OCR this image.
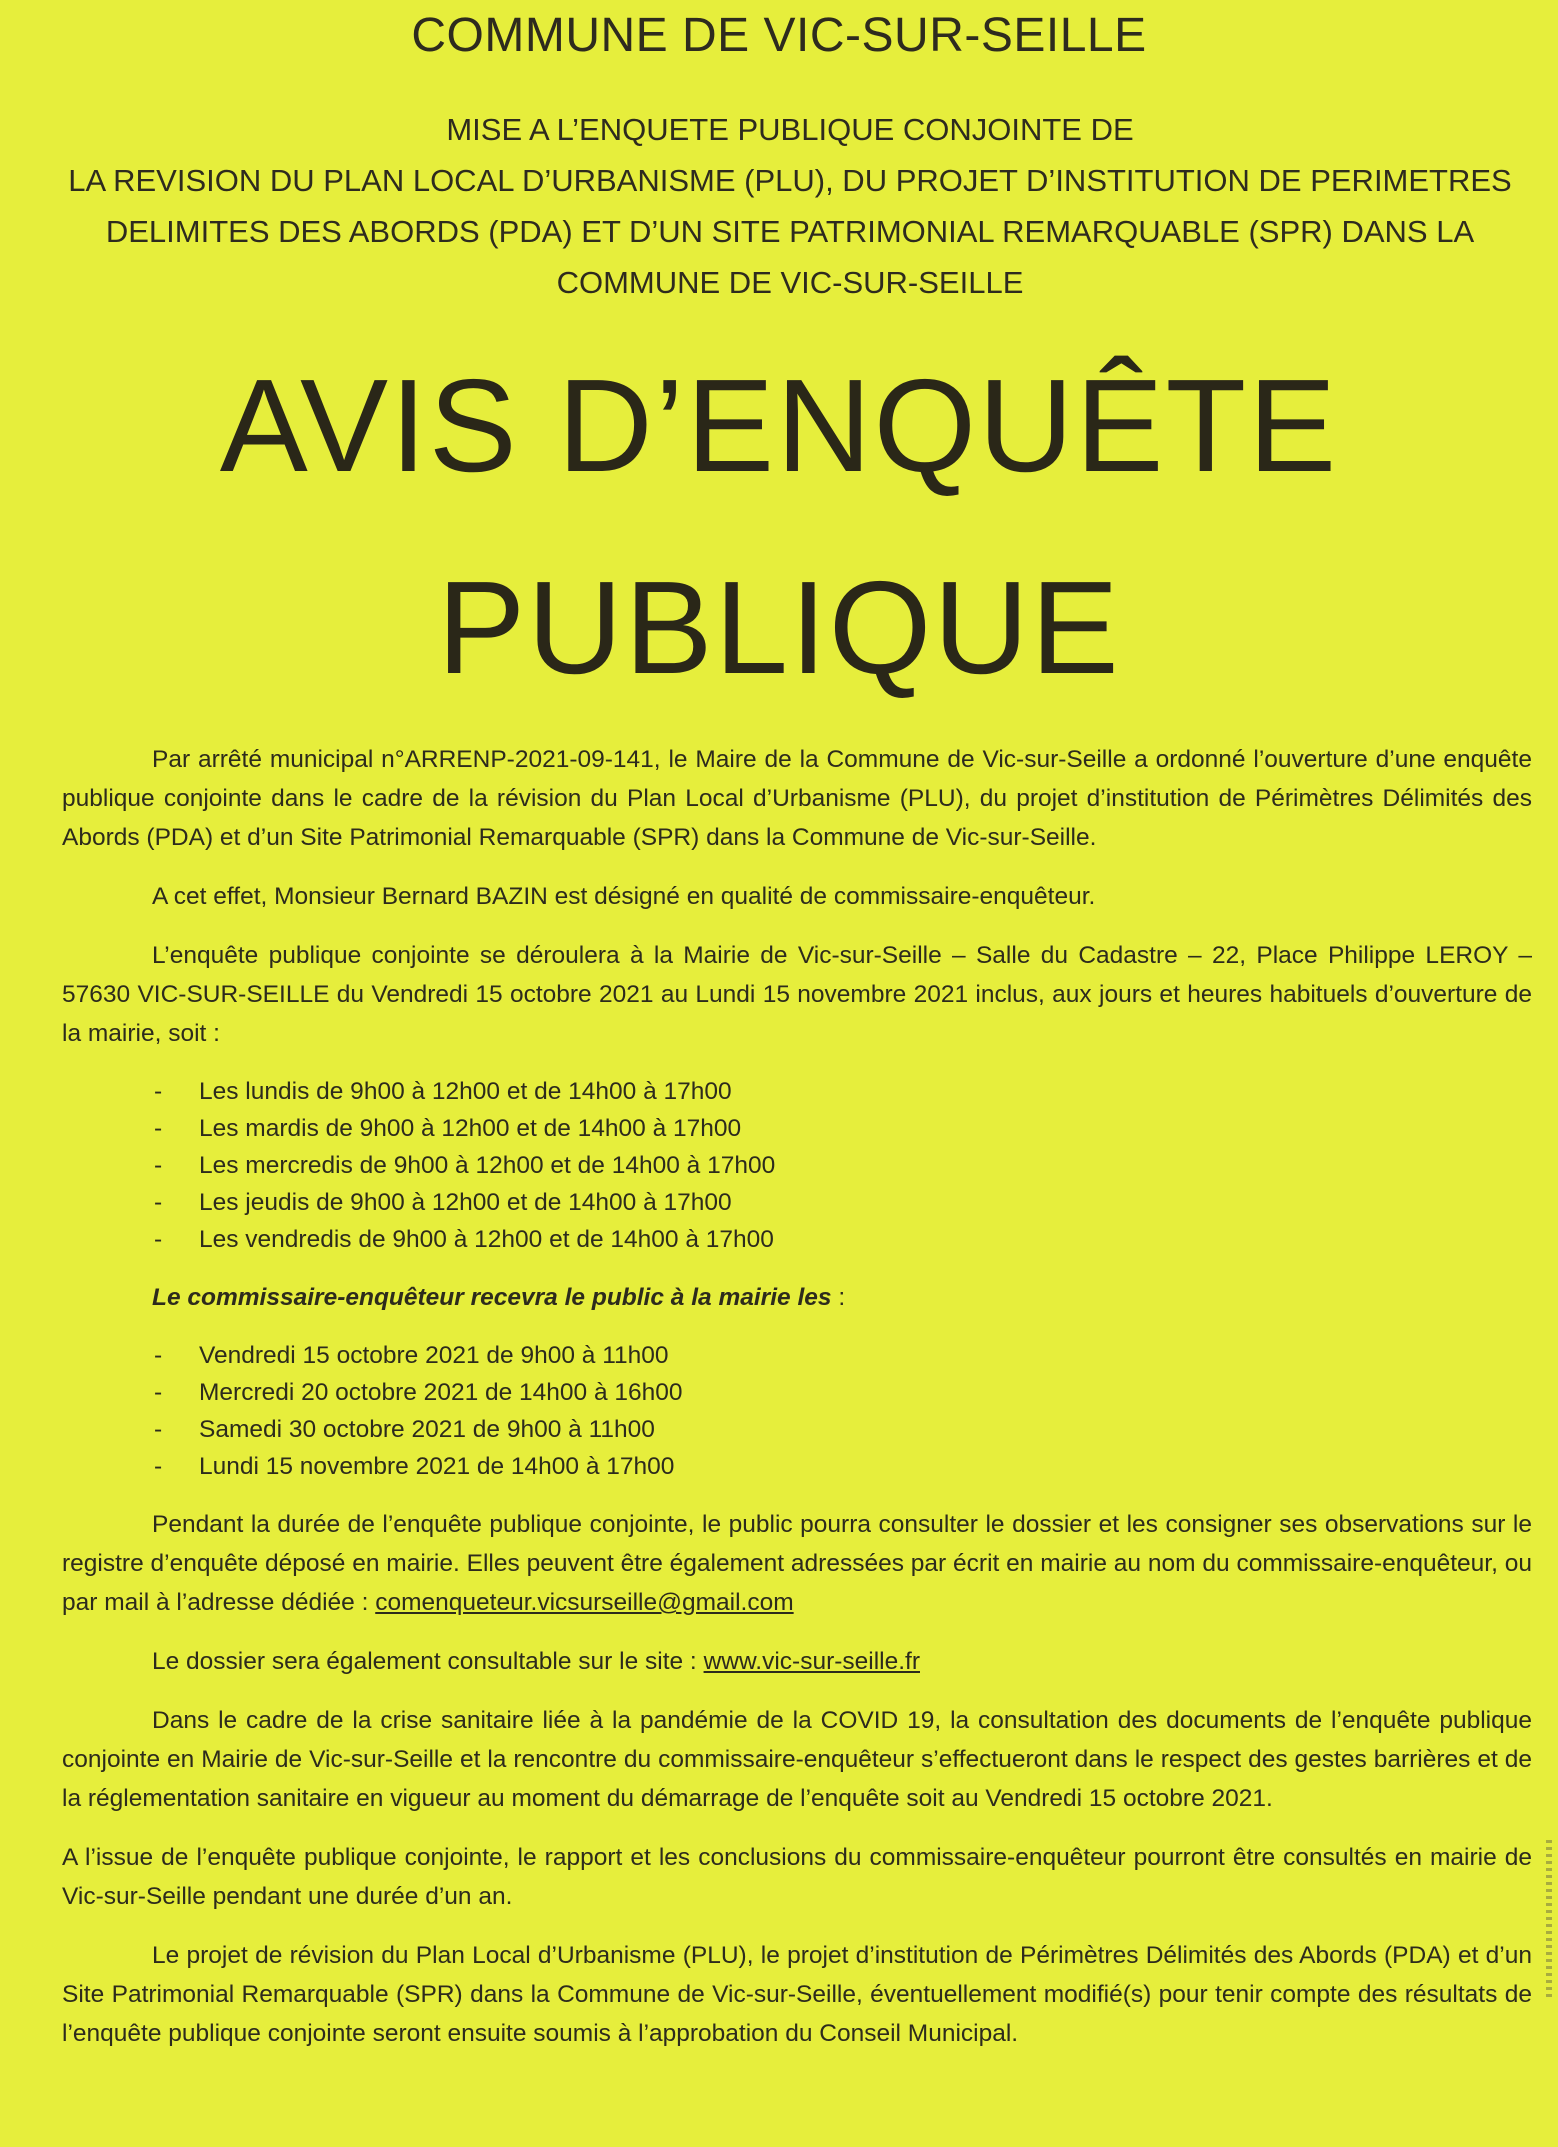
COMMUNE DE VIC-SUR-SEILLE
MISE A L’ENQUETE PUBLIQUE CONJOINTE DE
LA REVISION DU PLAN LOCAL D’URBANISME (PLU), DU PROJET D’INSTITUTION DE PERIMETRES
DELIMITES DES ABORDS (PDA) ET D’UN SITE PATRIMONIAL REMARQUABLE (SPR) DANS LA
COMMUNE DE VIC-SUR-SEILLE
AVIS D’ENQUÊTE
PUBLIQUE

Par arrêté municipal n°ARRENP-2021-09-141, le Maire de la Commune de Vic-sur-Seille a ordonné l’ouverture d’une enquête publique conjointe dans le cadre de la révision du Plan Local d’Urbanisme (PLU), du projet d’institution de Périmètres Délimités des Abords (PDA) et d’un Site Patrimonial Remarquable (SPR) dans la Commune de Vic-sur-Seille.

A cet effet, Monsieur Bernard BAZIN est désigné en qualité de commissaire-enquêteur.

L’enquête publique conjointe se déroulera à la Mairie de Vic-sur-Seille – Salle du Cadastre – 22, Place Philippe LEROY – 57630 VIC-SUR-SEILLE du Vendredi 15 octobre 2021 au Lundi 15 novembre 2021 inclus, aux jours et heures habituels d’ouverture de la mairie, soit :

- Les lundis de 9h00 à 12h00 et de 14h00 à 17h00
- Les mardis de 9h00 à 12h00 et de 14h00 à 17h00
- Les mercredis de 9h00 à 12h00 et de 14h00 à 17h00
- Les jeudis de 9h00 à 12h00 et de 14h00 à 17h00
- Les vendredis de 9h00 à 12h00 et de 14h00 à 17h00
Le commissaire-enquêteur recevra le public à la mairie les :
- Vendredi 15 octobre 2021 de 9h00 à 11h00
- Mercredi 20 octobre 2021 de 14h00 à 16h00
- Samedi 30 octobre 2021 de 9h00 à 11h00
- Lundi 15 novembre 2021 de 14h00 à 17h00

Pendant la durée de l’enquête publique conjointe, le public pourra consulter le dossier et les consigner ses observations sur le registre d’enquête déposé en mairie. Elles peuvent être également adressées par écrit en mairie au nom du commissaire-enquêteur, ou par mail à l’adresse dédiée : comenqueteur.vicsurseille@gmail.com

Le dossier sera également consultable sur le site : www.vic-sur-seille.fr

Dans le cadre de la crise sanitaire liée à la pandémie de la COVID 19, la consultation des documents de l’enquête publique conjointe en Mairie de Vic-sur-Seille et la rencontre du commissaire-enquêteur s’effectueront dans le respect des gestes barrières et de la réglementation sanitaire en vigueur au moment du démarrage de l’enquête soit au Vendredi 15 octobre 2021.

A l’issue de l’enquête publique conjointe, le rapport et les conclusions du commissaire-enquêteur pourront être consultés en mairie de Vic-sur-Seille pendant une durée d’un an.

Le projet de révision du Plan Local d’Urbanisme (PLU), le projet d’institution de Périmètres Délimités des Abords (PDA) et d’un Site Patrimonial Remarquable (SPR) dans la Commune de Vic-sur-Seille, éventuellement modifié(s) pour tenir compte des résultats de l’enquête publique conjointe seront ensuite soumis à l’approbation du Conseil Municipal.
